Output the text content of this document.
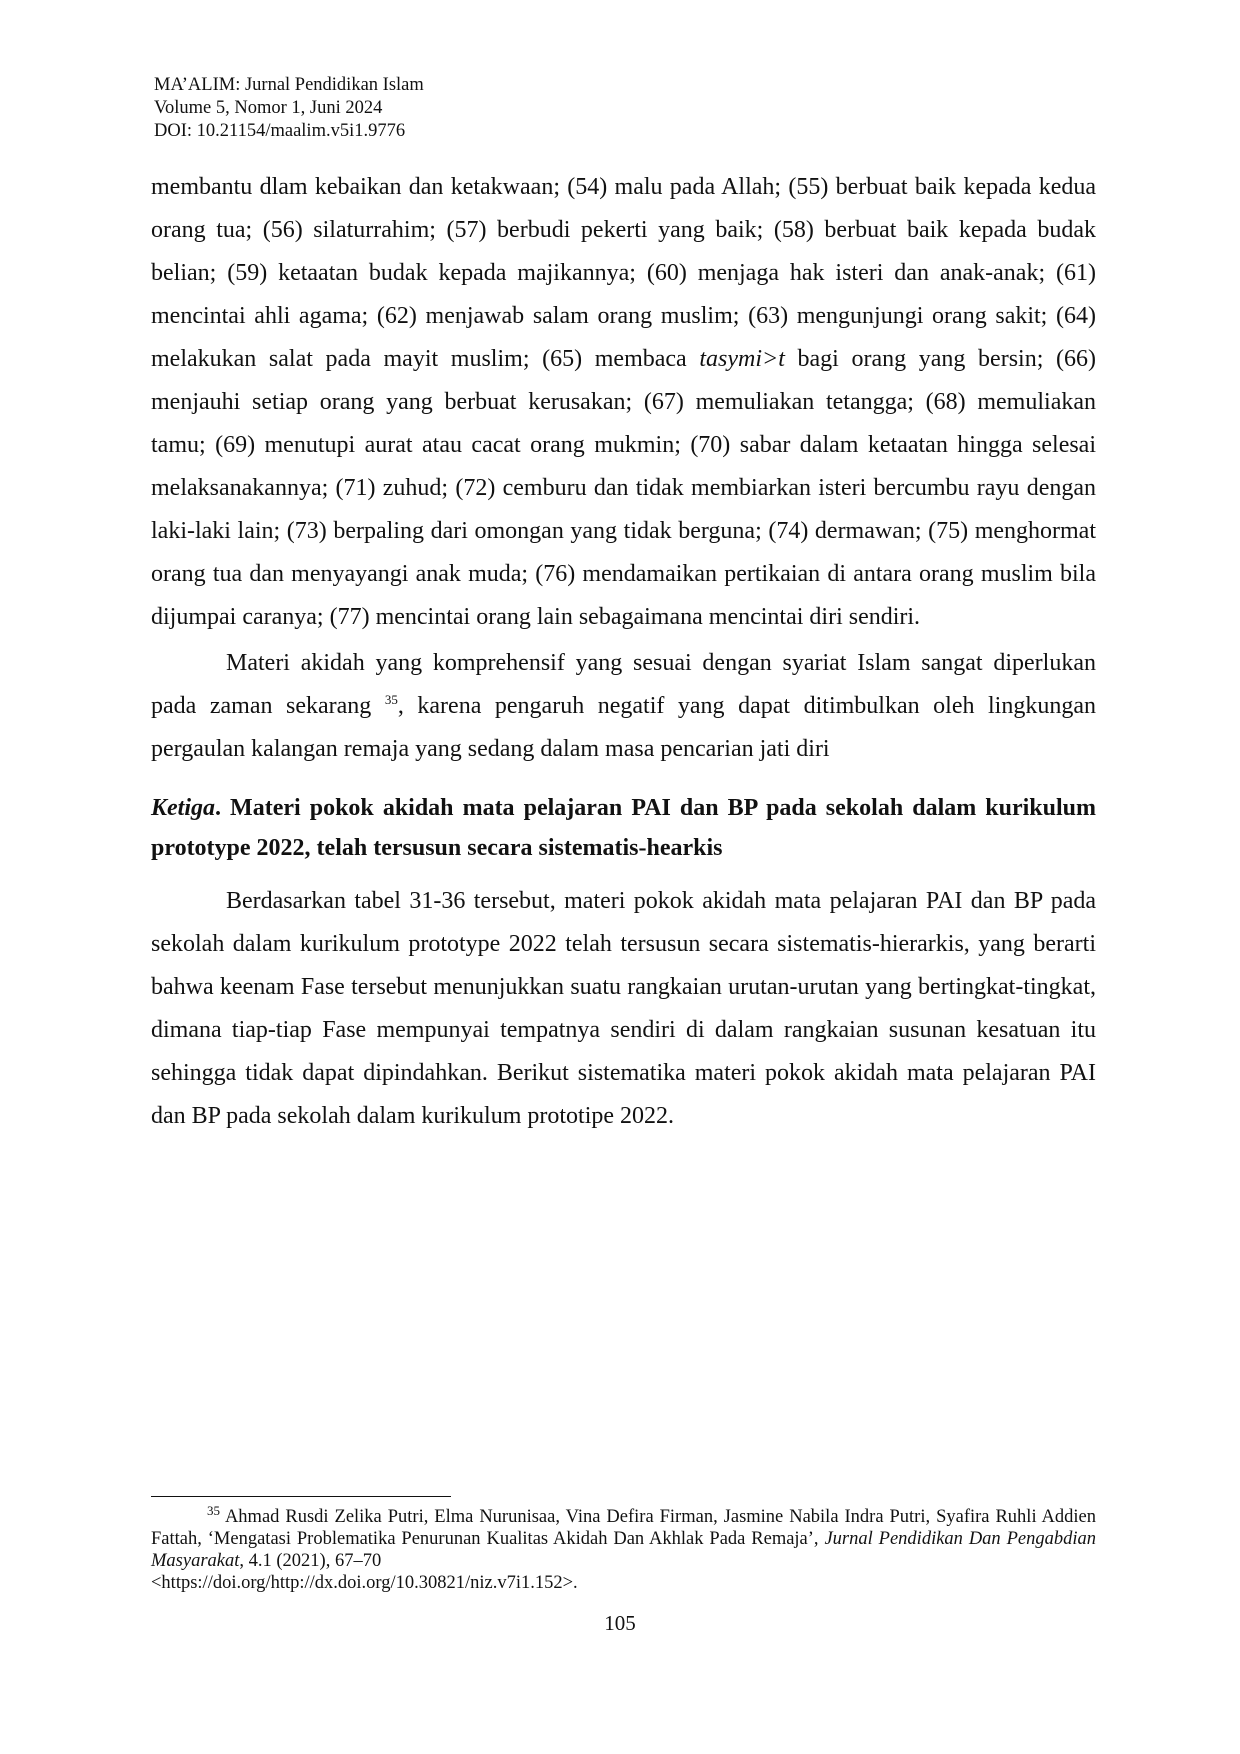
MA’ALIM: Jurnal Pendidikan Islam
Volume 5, Nomor 1, Juni 2024
DOI: 10.21154/maalim.v5i1.9776

membantu dlam kebaikan dan ketakwaan; (54) malu pada Allah; (55) berbuat baik kepada kedua orang tua; (56) silaturrahim; (57) berbudi pekerti yang baik; (58) berbuat baik kepada budak belian; (59) ketaatan budak kepada majikannya; (60) menjaga hak isteri dan anak-anak; (61) mencintai ahli agama; (62) menjawab salam orang muslim; (63) mengunjungi orang sakit; (64) melakukan salat pada mayit muslim; (65) membaca tasymi>t bagi orang yang bersin; (66) menjauhi setiap orang yang berbuat kerusakan; (67) memuliakan tetangga; (68) memuliakan tamu; (69) menutupi aurat atau cacat orang mukmin; (70) sabar dalam ketaatan hingga selesai melaksanakannya; (71) zuhud; (72) cemburu dan tidak membiarkan isteri bercumbu rayu dengan laki-laki lain; (73) berpaling dari omongan yang tidak berguna; (74) dermawan; (75) menghormat orang tua dan menyayangi anak muda; (76) mendamaikan pertikaian di antara orang muslim bila dijumpai caranya; (77) mencintai orang lain sebagaimana mencintai diri sendiri.

Materi akidah yang komprehensif yang sesuai dengan syariat Islam sangat diperlukan pada zaman sekarang $^{35}$, karena pengaruh negatif yang dapat ditimbulkan oleh lingkungan pergaulan kalangan remaja yang sedang dalam masa pencarian jati diri

Ketiga. Materi pokok akidah mata pelajaran PAI dan BP pada sekolah dalam kurikulum prototype 2022, telah tersusun secara sistematis-hearkis

Berdasarkan tabel 31-36 tersebut, materi pokok akidah mata pelajaran PAI dan BP pada sekolah dalam kurikulum prototype 2022 telah tersusun secara sistematis-hierarkis, yang berarti bahwa keenam Fase tersebut menunjukkan suatu rangkaian urutan-urutan yang bertingkat-tingkat, dimana tiap-tiap Fase mempunyai tempatnya sendiri di dalam rangkaian susunan kesatuan itu sehingga tidak dapat dipindahkan. Berikut sistematika materi pokok akidah mata pelajaran PAI dan BP pada sekolah dalam kurikulum prototipe 2022.

$^{35}$ Ahmad Rusdi Zelika Putri, Elma Nurunisaa, Vina Defira Firman, Jasmine Nabila Indra Putri, Syafira Ruhli Addien Fattah, ‘Mengatasi Problematika Penurunan Kualitas Akidah Dan Akhlak Pada Remaja’, Jurnal Pendidikan Dan Pengabdian Masyarakat, 4.1 (2021), 67–70
<https://doi.org/http://dx.doi.org/10.30821/niz.v7i1.152>.
105
